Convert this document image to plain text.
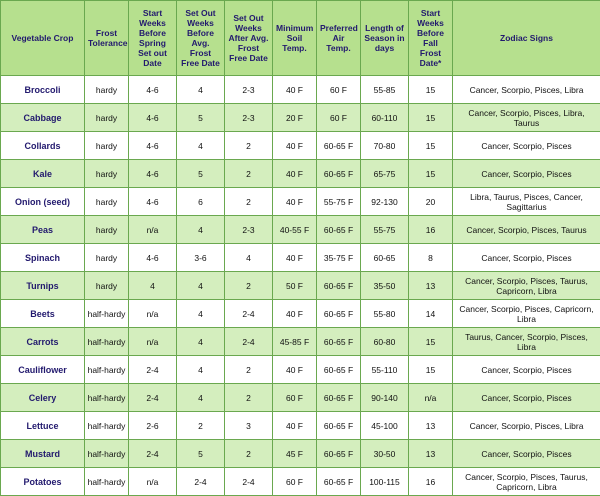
Vegetable Crop	Frost Tolerance	Start Weeks Before Spring Set out Date	Set Out Weeks Before Avg. Frost Free Date	Set Out Weeks After Avg. Frost Free Date	Minimum Soil Temp.	Preferred Air Temp.	Length of Season in days	Start Weeks Before Fall Frost Date*	Zodiac Signs
Broccoli	hardy	4-6	4	2-3	40 F	60 F	55-85	15	Cancer, Scorpio, Pisces, Libra
Cabbage	hardy	4-6	5	2-3	20 F	60 F	60-110	15	Cancer, Scorpio, Pisces, Libra, Taurus
Collards	hardy	4-6	4	2	40 F	60-65 F	70-80	15	Cancer, Scorpio, Pisces
Kale	hardy	4-6	5	2	40 F	60-65 F	65-75	15	Cancer, Scorpio, Pisces
Onion (seed)	hardy	4-6	6	2	40 F	55-75 F	92-130	20	Libra, Taurus, Pisces, Cancer, Sagittarius
Peas	hardy	n/a	4	2-3	40-55 F	60-65 F	55-75	16	Cancer, Scorpio, Pisces, Taurus
Spinach	hardy	4-6	3-6	4	40 F	35-75 F	60-65	8	Cancer, Scorpio, Pisces
Turnips	hardy	4	4	2	50 F	60-65 F	35-50	13	Cancer, Scorpio, Pisces, Taurus, Capricorn, Libra
Beets	half-hardy	n/a	4	2-4	40 F	60-65 F	55-80	14	Cancer, Scorpio, Pisces, Capricorn, Libra
Carrots	half-hardy	n/a	4	2-4	45-85 F	60-65 F	60-80	15	Taurus, Cancer, Scorpio, Pisces, Libra
Cauliflower	half-hardy	2-4	4	2	40 F	60-65 F	55-110	15	Cancer, Scorpio, Pisces
Celery	half-hardy	2-4	4	2	60 F	60-65 F	90-140	n/a	Cancer, Scorpio, Pisces
Lettuce	half-hardy	2-6	2	3	40 F	60-65 F	45-100	13	Cancer, Scorpio, Pisces, Libra
Mustard	half-hardy	2-4	5	2	45 F	60-65 F	30-50	13	Cancer, Scorpio, Pisces
Potatoes	half-hardy	n/a	2-4	2-4	60 F	60-65 F	100-115	16	Cancer, Scorpio, Pisces, Taurus, Capricorn, Libra
